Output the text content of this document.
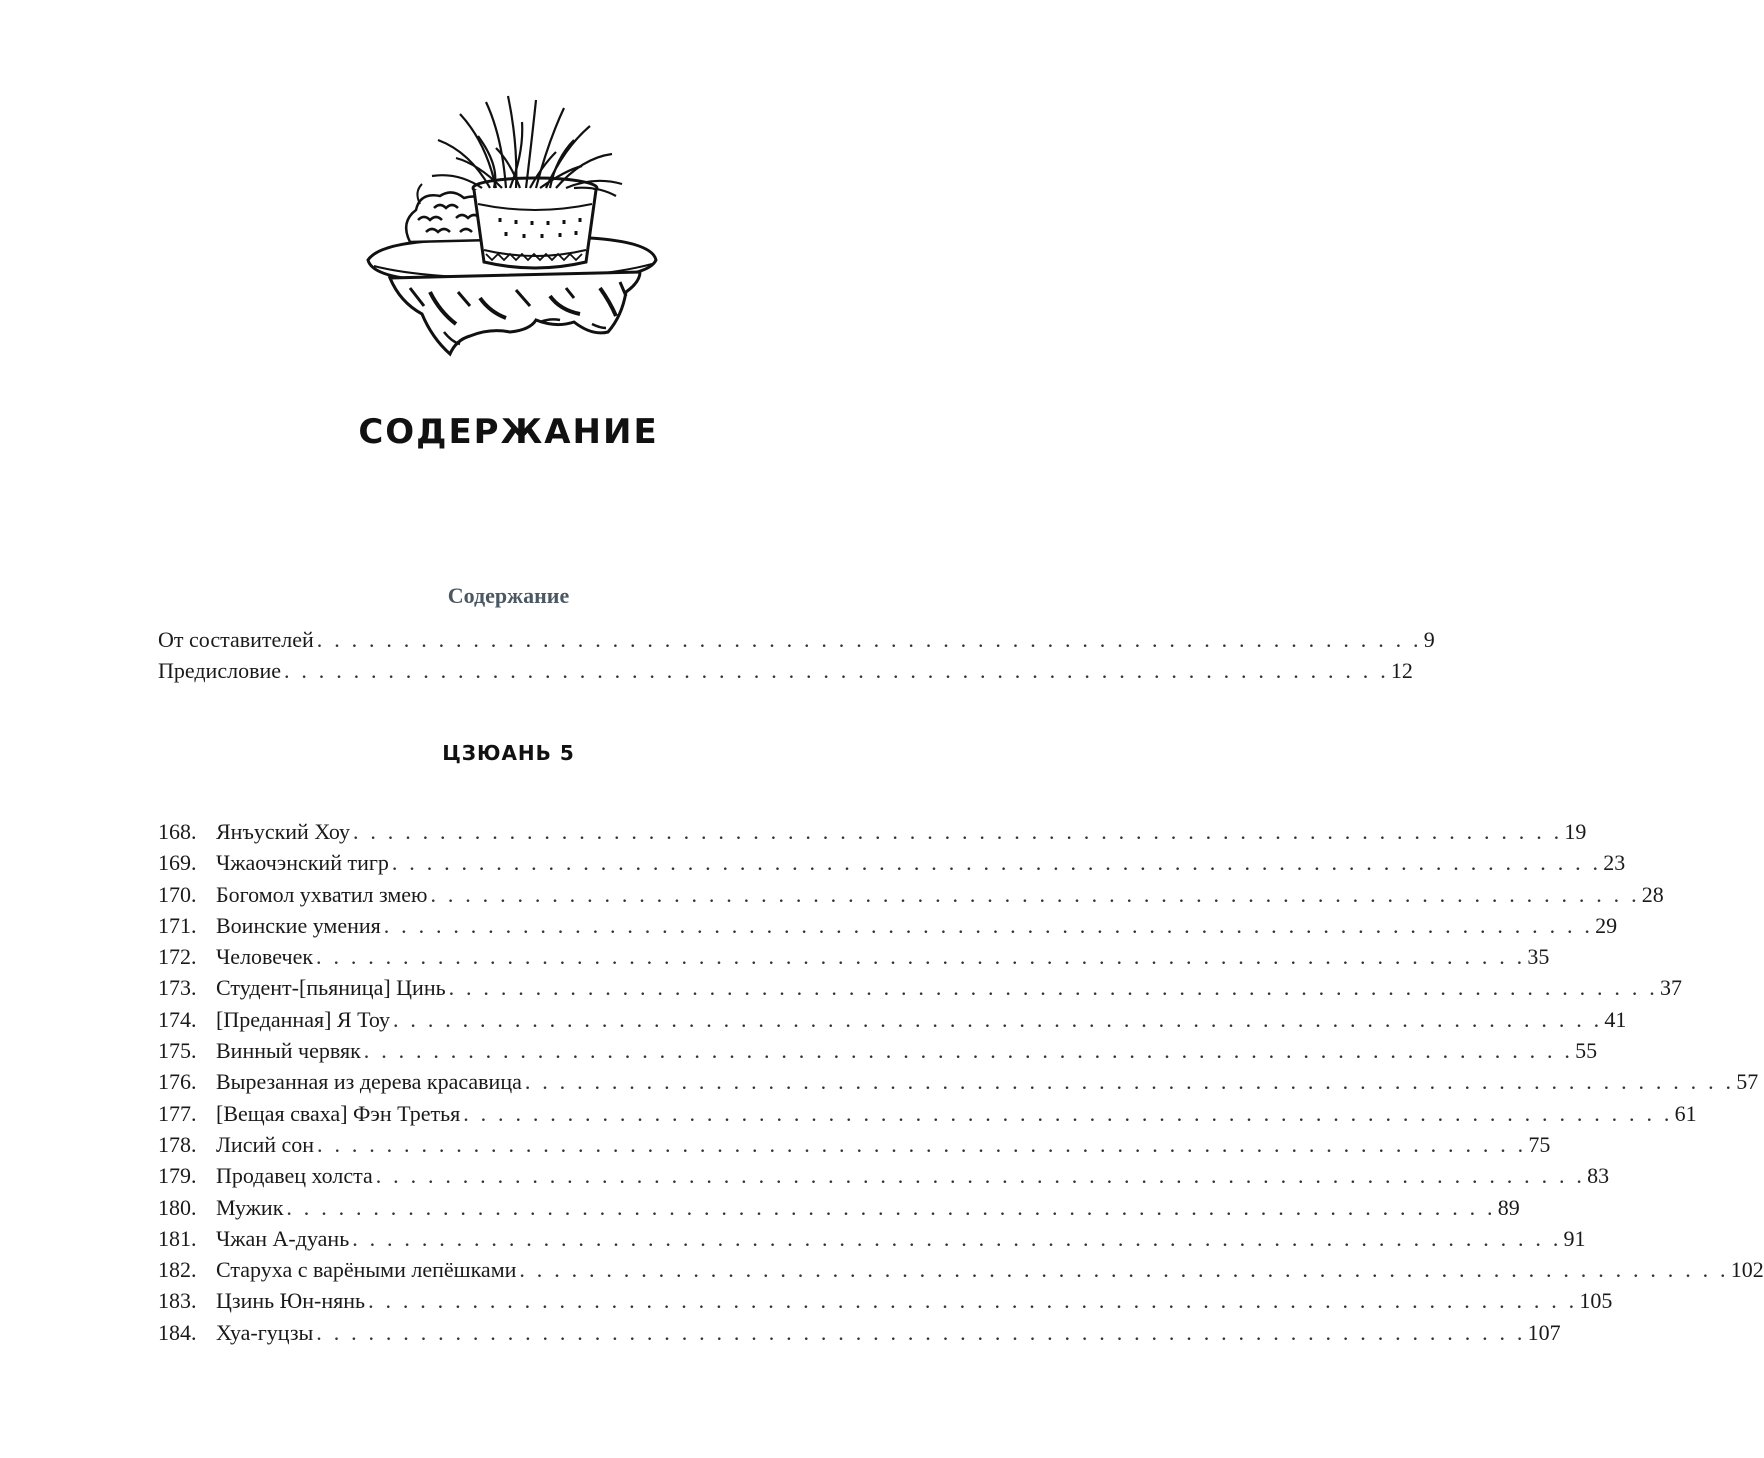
СОДЕРЖАНИЕ
Содержание
От составителей . . . . . . . . . . . . . . . . . . . . . . . . . . . . . . . . . . . . . . . . . . . . . . . . . . . . . . . . . . . . . . . . 9
Предисловие . . . . . . . . . . . . . . . . . . . . . . . . . . . . . . . . . . . . . . . . . . . . . . . . . . . . . . . . . . . . . . . . 12
ЦЗЮАНЬ 5
168. Янъуский Хоу . . . . . . . . . . . . . . . . . . . . . . . . . . . . . . . . . . . . . . . . . . . . . . . . . . . . . . . . . . . . . . . . . . . . . . 19
169. Чжаочэнский тигр . . . . . . . . . . . . . . . . . . . . . . . . . . . . . . . . . . . . . . . . . . . . . . . . . . . . . . . . . . . . . . . . . . . . . . 23
170. Богомол ухватил змею . . . . . . . . . . . . . . . . . . . . . . . . . . . . . . . . . . . . . . . . . . . . . . . . . . . . . . . . . . . . . . . . . . . . . . 28
171. Воинские умения . . . . . . . . . . . . . . . . . . . . . . . . . . . . . . . . . . . . . . . . . . . . . . . . . . . . . . . . . . . . . . . . . . . . . . 29
172. Человечек . . . . . . . . . . . . . . . . . . . . . . . . . . . . . . . . . . . . . . . . . . . . . . . . . . . . . . . . . . . . . . . . . . . . . . 35
173. Студент-[пьяница] Цинь . . . . . . . . . . . . . . . . . . . . . . . . . . . . . . . . . . . . . . . . . . . . . . . . . . . . . . . . . . . . . . . . . . . . . . 37
174. [Преданная] Я Тоу . . . . . . . . . . . . . . . . . . . . . . . . . . . . . . . . . . . . . . . . . . . . . . . . . . . . . . . . . . . . . . . . . . . . . . 41
175. Винный червяк . . . . . . . . . . . . . . . . . . . . . . . . . . . . . . . . . . . . . . . . . . . . . . . . . . . . . . . . . . . . . . . . . . . . . . 55
176. Вырезанная из дерева красавица . . . . . . . . . . . . . . . . . . . . . . . . . . . . . . . . . . . . . . . . . . . . . . . . . . . . . . . . . . . . . . . . . . . . . . 57
177. [Вещая сваха] Фэн Третья . . . . . . . . . . . . . . . . . . . . . . . . . . . . . . . . . . . . . . . . . . . . . . . . . . . . . . . . . . . . . . . . . . . . . . 61
178. Лисий сон . . . . . . . . . . . . . . . . . . . . . . . . . . . . . . . . . . . . . . . . . . . . . . . . . . . . . . . . . . . . . . . . . . . . . . 75
179. Продавец холста . . . . . . . . . . . . . . . . . . . . . . . . . . . . . . . . . . . . . . . . . . . . . . . . . . . . . . . . . . . . . . . . . . . . . . 83
180. Мужик . . . . . . . . . . . . . . . . . . . . . . . . . . . . . . . . . . . . . . . . . . . . . . . . . . . . . . . . . . . . . . . . . . . . . . 89
181. Чжан А-дуань . . . . . . . . . . . . . . . . . . . . . . . . . . . . . . . . . . . . . . . . . . . . . . . . . . . . . . . . . . . . . . . . . . . . . . 91
182. Старуха с варёными лепёшками . . . . . . . . . . . . . . . . . . . . . . . . . . . . . . . . . . . . . . . . . . . . . . . . . . . . . . . . . . . . . . . . . . . . . . 102
183. Цзинь Юн-нянь . . . . . . . . . . . . . . . . . . . . . . . . . . . . . . . . . . . . . . . . . . . . . . . . . . . . . . . . . . . . . . . . . . . . . . 105
184. Хуа-гуцзы . . . . . . . . . . . . . . . . . . . . . . . . . . . . . . . . . . . . . . . . . . . . . . . . . . . . . . . . . . . . . . . . . . . . . . 107
